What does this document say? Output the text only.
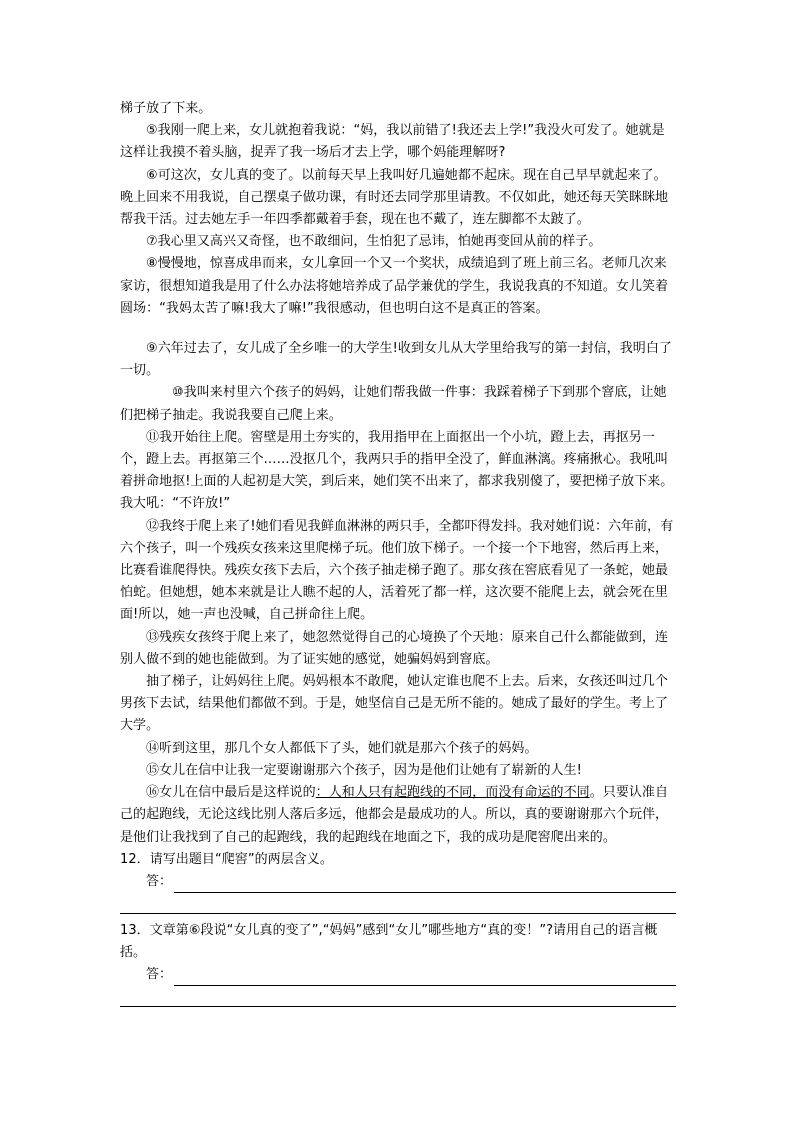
梯子放了下来。

⑤我刚一爬上来，女儿就抱着我说：“妈，我以前错了!我还去上学!”我没火可发了。她就是这样让我摸不着头脑，捉弄了我一场后才去上学，哪个妈能理解呀?

⑥可这次，女儿真的变了。以前每天早上我叫好几遍她都不起床。现在自己早早就起来了。晚上回来不用我说，自己摆桌子做功课，有时还去同学那里请教。不仅如此，她还每天笑眯眯地帮我干活。过去她左手一年四季都戴着手套，现在也不戴了，连左脚都不太跛了。

⑦我心里又高兴又奇怪，也不敢细问，生怕犯了忌讳，怕她再变回从前的样子。

⑧慢慢地，惊喜成串而来，女儿拿回一个又一个奖状，成绩追到了班上前三名。老师几次来家访，很想知道我是用了什么办法将她培养成了品学兼优的学生，我说我真的不知道。女儿笑着圆场：“我妈太苦了嘛!我大了嘛!”我很感动，但也明白这不是真正的答案。

⑨六年过去了，女儿成了全乡唯一的大学生!收到女儿从大学里给我写的第一封信，我明白了一切。

⑩我叫来村里六个孩子的妈妈，让她们帮我做一件事：我踩着梯子下到那个窨底，让她们把梯子抽走。我说我要自己爬上来。

⑪我开始往上爬。窖壁是用土夯实的，我用指甲在上面抠出一个小坑，蹬上去，再抠另一个，蹬上去。再抠第三个……没抠几个，我两只手的指甲全没了，鲜血淋漓。疼痛揪心。我吼叫着拼命地抠!上面的人起初是大笑，到后来，她们笑不出来了，都求我别傻了，要把梯子放下来。我大吼：“不许放!”

⑫我终于爬上来了!她们看见我鲜血淋淋的两只手，全都吓得发抖。我对她们说：六年前，有六个孩子，叫一个残疾女孩来这里爬梯子玩。他们放下梯子。一个接一个下地窖，然后再上来，比赛看谁爬得快。残疾女孩下去后，六个孩子抽走梯子跑了。那女孩在窖底看见了一条蛇，她最怕蛇。但她想，她本来就是让人瞧不起的人，活着死了都一样，这次要不能爬上去，就会死在里面!所以，她一声也没喊，自己拼命往上爬。

⑬残疾女孩终于爬上来了，她忽然觉得自己的心境换了个天地：原来自己什么都能做到，连别人做不到的她也能做到。为了证实她的感觉，她骗妈妈到窨底。

抽了梯子，让妈妈往上爬。妈妈根本不敢爬，她认定谁也爬不上去。后来，女孩还叫过几个男孩下去试，结果他们都做不到。于是，她坚信自己是无所不能的。她成了最好的学生。考上了大学。

⑭听到这里，那几个女人都低下了头，她们就是那六个孩子的妈妈。

⑮女儿在信中让我一定要谢谢那六个孩子，因为是他们让她有了崭新的人生!

⑯女儿在信中最后是这样说的：人和人只有起跑线的不同，而没有命运的不同。只要认准自己的起跑线，无论这线比别人落后多远，他都会是最成功的人。所以，真的要谢谢那六个玩伴，是他们让我找到了自己的起跑线，我的起跑线在地面之下，我的成功是爬窖爬出来的。

12．请写出题目“爬窖”的两层含义。

答：

13．文章第⑥段说“女儿真的变了”,“妈妈”感到“女儿”哪些地方“真的变！”?请用自己的语言概括。

答：
